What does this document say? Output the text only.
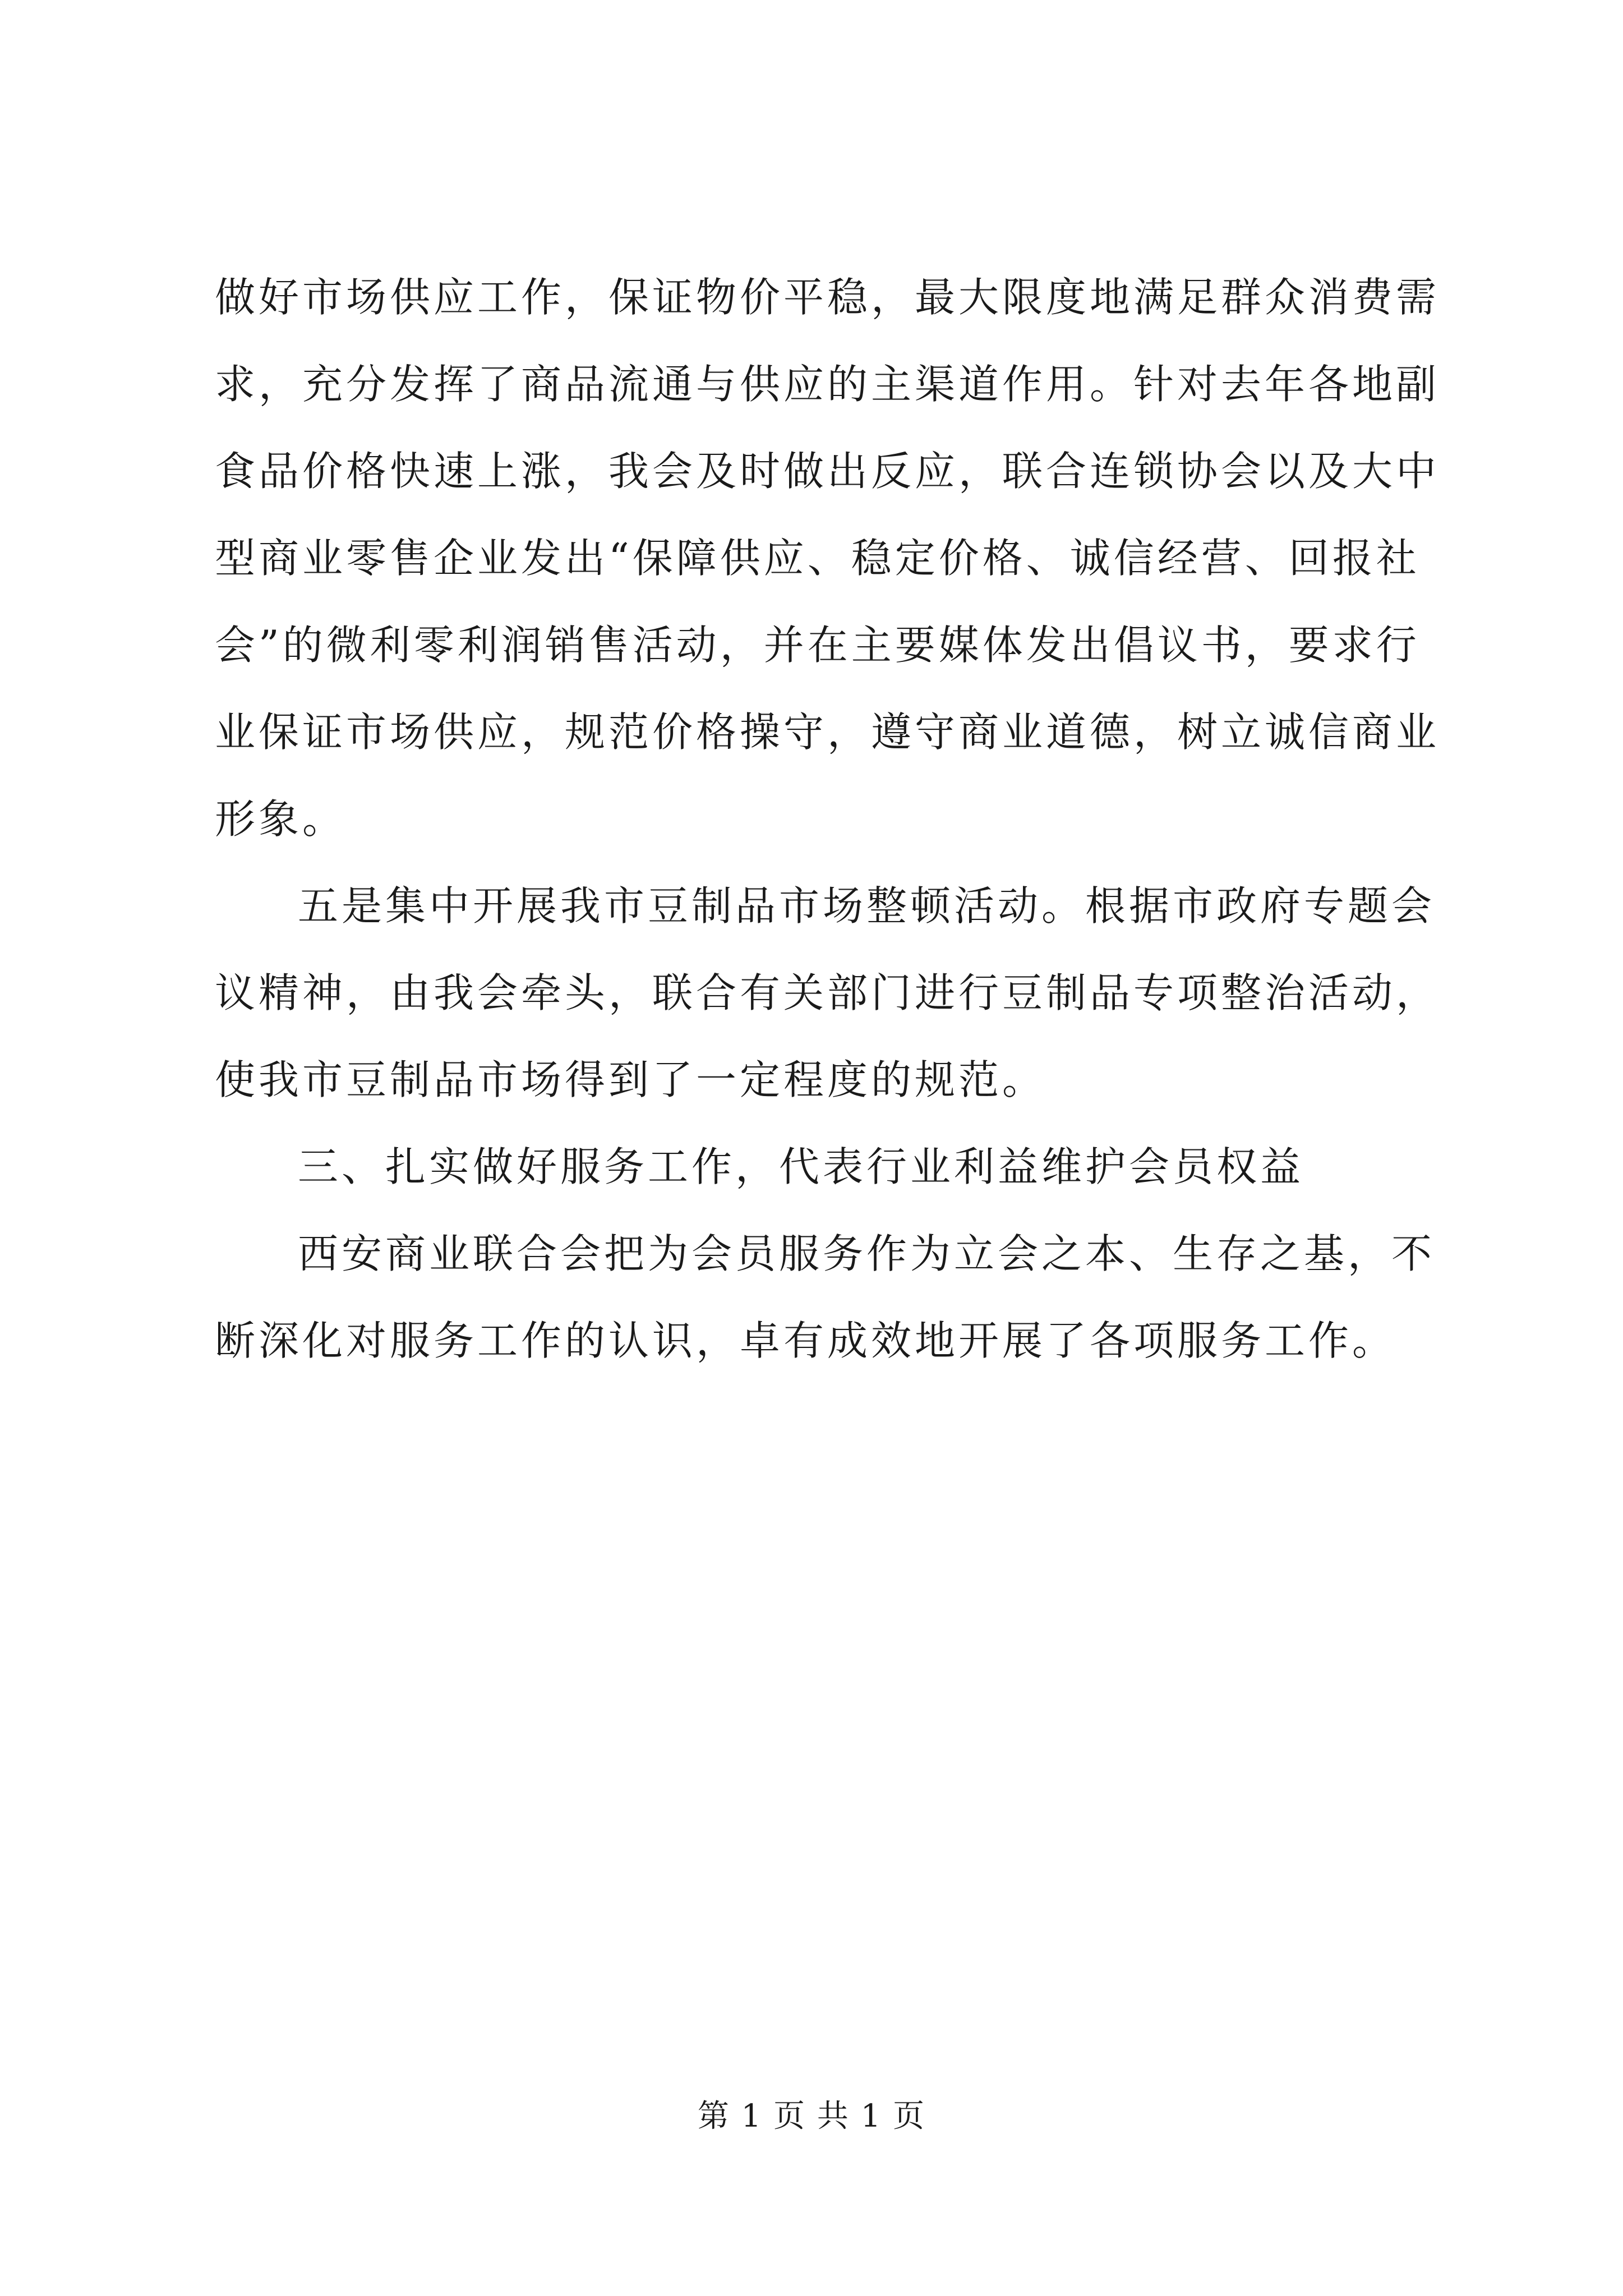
做好市场供应工作，保证物价平稳，最大限度地满足群众消费需
求，充分发挥了商品流通与供应的主渠道作用。针对去年各地副
食品价格快速上涨，我会及时做出反应，联合连锁协会以及大中
型商业零售企业发出“保障供应、稳定价格、诚信经营、回报社
会”的微利零利润销售活动，并在主要媒体发出倡议书，要求行
业保证市场供应，规范价格操守，遵守商业道德，树立诚信商业
形象。
五是集中开展我市豆制品市场整顿活动。根据市政府专题会
议精神，由我会牵头，联合有关部门进行豆制品专项整治活动，
使我市豆制品市场得到了一定程度的规范。
三、扎实做好服务工作，代表行业利益维护会员权益
西安商业联合会把为会员服务作为立会之本、生存之基，不
断深化对服务工作的认识，卓有成效地开展了各项服务工作。
第 1 页 共 1 页
